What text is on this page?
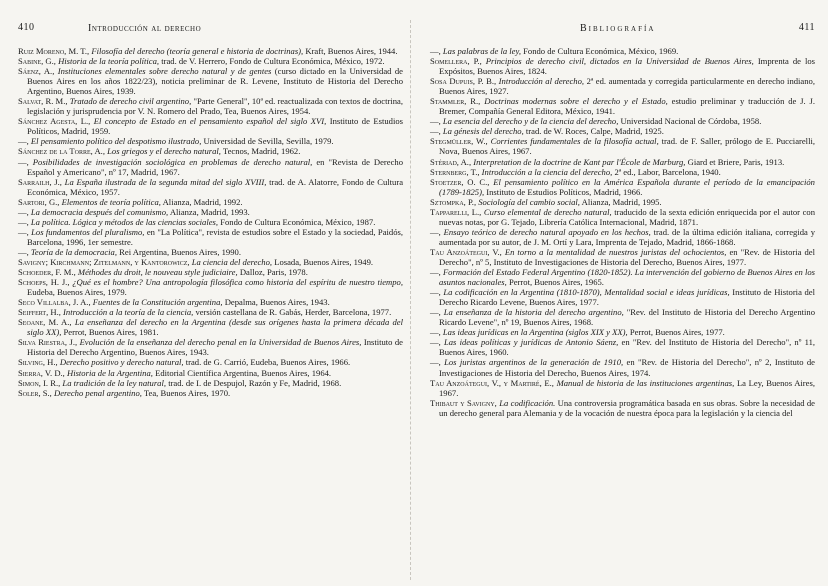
410	Introducción al derecho

Ruiz Moreno, M. T., Filosofía del derecho (teoría general e historia de doctrinas), Kraft, Buenos Aires, 1944.

Sabine, G., Historia de la teoría política, trad. de V. Herrero, Fondo de Cultura Económica, México, 1972.

Sáenz, A., Instituciones elementales sobre derecho natural y de gentes (curso dictado en la Universidad de Buenos Aires en los años 1822/23), noticia preliminar de R. Levene, Instituto de Historia del Derecho Argentino, Buenos Aires, 1939.

Salvat, R. M., Tratado de derecho civil argentino, "Parte General", 10ª ed. reactualizada con textos de doctrina, legislación y jurisprudencia por V. N. Romero del Prado, Tea, Buenos Aires, 1954.

Sánchez Agesta, L., El concepto de Estado en el pensamiento español del siglo XVI, Instituto de Estudios Políticos, Madrid, 1959.

—, El pensamiento político del despotismo ilustrado, Universidad de Sevilla, Sevilla, 1979.

Sánchez de la Torre, A., Los griegos y el derecho natural, Tecnos, Madrid, 1962.

—, Posibilidades de investigación sociológica en problemas de derecho natural, en "Revista de Derecho Español y Americano", nº 17, Madrid, 1967.

Sarrailh, J., La España ilustrada de la segunda mitad del siglo XVIII, trad. de A. Alatorre, Fondo de Cultura Económica, México, 1957.

Sartori, G., Elementos de teoría política, Alianza, Madrid, 1992.

—, La democracia después del comunismo, Alianza, Madrid, 1993.

—, La política. Lógica y métodos de las ciencias sociales, Fondo de Cultura Económica, México, 1987.

—, Los fundamentos del pluralismo, en "La Política", revista de estudios sobre el Estado y la sociedad, Paidós, Barcelona, 1996, 1er semestre.

—, Teoría de la democracia, Rei Argentina, Buenos Aires, 1990.

Savigny; Kirchmann; Zitelmann, y Kantorowicz, La ciencia del derecho, Losada, Buenos Aires, 1949.

Schoeder, F. M., Méthodes du droit, le nouveau style judiciaire, Dalloz, Paris, 1978.

Schoeps, H. J., ¿Qué es el hombre? Una antropología filosófica como historia del espíritu de nuestro tiempo, Eudeba, Buenos Aires, 1979.

Seco Villalba, J. A., Fuentes de la Constitución argentina, Depalma, Buenos Aires, 1943.

Seiffert, H., Introducción a la teoría de la ciencia, versión castellana de R. Gabás, Herder, Barcelona, 1977.

Seoane, M. A., La enseñanza del derecho en la Argentina (desde sus orígenes hasta la primera década del siglo XX), Perrot, Buenos Aires, 1981.

Silva Riestra, J., Evolución de la enseñanza del derecho penal en la Universidad de Buenos Aires, Instituto de Historia del Derecho Argentino, Buenos Aires, 1943.

Silving, H., Derecho positivo y derecho natural, trad. de G. Carrió, Eudeba, Buenos Aires, 1966.

Sierra, V. D., Historia de la Argentina, Editorial Científica Argentina, Buenos Aires, 1964.

Simon, I. R., La tradición de la ley natural, trad. de I. de Despujol, Razón y Fe, Madrid, 1968.

Soler, S., Derecho penal argentino, Tea, Buenos Aires, 1970.

Bibliografía	411

—, Las palabras de la ley, Fondo de Cultura Económica, México, 1969.

Somellera, P., Principios de derecho civil, dictados en la Universidad de Buenos Aires, Imprenta de los Expósitos, Buenos Aires, 1824.

Sosa Dupuis, P. B., Introducción al derecho, 2ª ed. aumentada y corregida particularmente en derecho indiano, Buenos Aires, 1927.

Stammler, R., Doctrinas modernas sobre el derecho y el Estado, estudio preliminar y traducción de J. J. Bremer, Compañía General Editora, México, 1941.

—, La esencia del derecho y de la ciencia del derecho, Universidad Nacional de Córdoba, 1958.

—, La génesis del derecho, trad. de W. Roces, Calpe, Madrid, 1925.

Stegmüller, W., Corrientes fundamentales de la filosofía actual, trad. de F. Saller, prólogo de E. Pucciarelli, Nova, Buenos Aires, 1967.

Stériad, A., Interpretation de la doctrine de Kant par l'École de Marburg, Giard et Briere, Paris, 1913.

Sternberg, T., Introducción a la ciencia del derecho, 2ª ed., Labor, Barcelona, 1940.

Stoetzer, O. C., El pensamiento político en la América Española durante el período de la emancipación (1789-1825), Instituto de Estudios Políticos, Madrid, 1966.

Sztompka, P., Sociología del cambio social, Alianza, Madrid, 1995.

Tapparelli, L., Curso elemental de derecho natural, traducido de la sexta edición enriquecida por el autor con nuevas notas, por G. Tejado, Librería Católica Internacional, Madrid, 1871.

—, Ensayo teórico de derecho natural apoyado en los hechos, trad. de la última edición italiana, corregida y aumentada por su autor, de J. M. Ortí y Lara, Imprenta de Tejado, Madrid, 1866-1868.

Tau Anzoátegui, V., En torno a la mentalidad de nuestros juristas del ochocientos, en "Rev. de Historia del Derecho", nº 5, Instituto de Investigaciones de Historia del Derecho, Buenos Aires, 1977.

—, Formación del Estado Federal Argentino (1820-1852). La intervención del gobierno de Buenos Aires en los asuntos nacionales, Perrot, Buenos Aires, 1965.

—, La codificación en la Argentina (1810-1870), Mentalidad social e ideas jurídicas, Instituto de Historia del Derecho Ricardo Levene, Buenos Aires, 1977.

—, La enseñanza de la historia del derecho argentino, "Rev. del Instituto de Historia del Derecho Argentino Ricardo Levene", nº 19, Buenos Aires, 1968.

—, Las ideas jurídicas en la Argentina (siglos XIX y XX), Perrot, Buenos Aires, 1977.

—, Las ideas políticas y jurídicas de Antonio Sáenz, en "Rev. del Instituto de Historia del Derecho", nº 11, Buenos Aires, 1960.

—, Los juristas argentinos de la generación de 1910, en "Rev. de Historia del Derecho", nº 2, Instituto de Investigaciones de Historia del Derecho, Buenos Aires, 1974.

Tau Anzoátegui, V., y Martiré, E., Manual de historia de las instituciones argentinas, La Ley, Buenos Aires, 1967.

Thibaut y Savigny, La codificación. Una controversia programática basada en sus obras. Sobre la necesidad de un derecho general para Alemania y de la vocación de nuestra época para la legislación y la ciencia del
